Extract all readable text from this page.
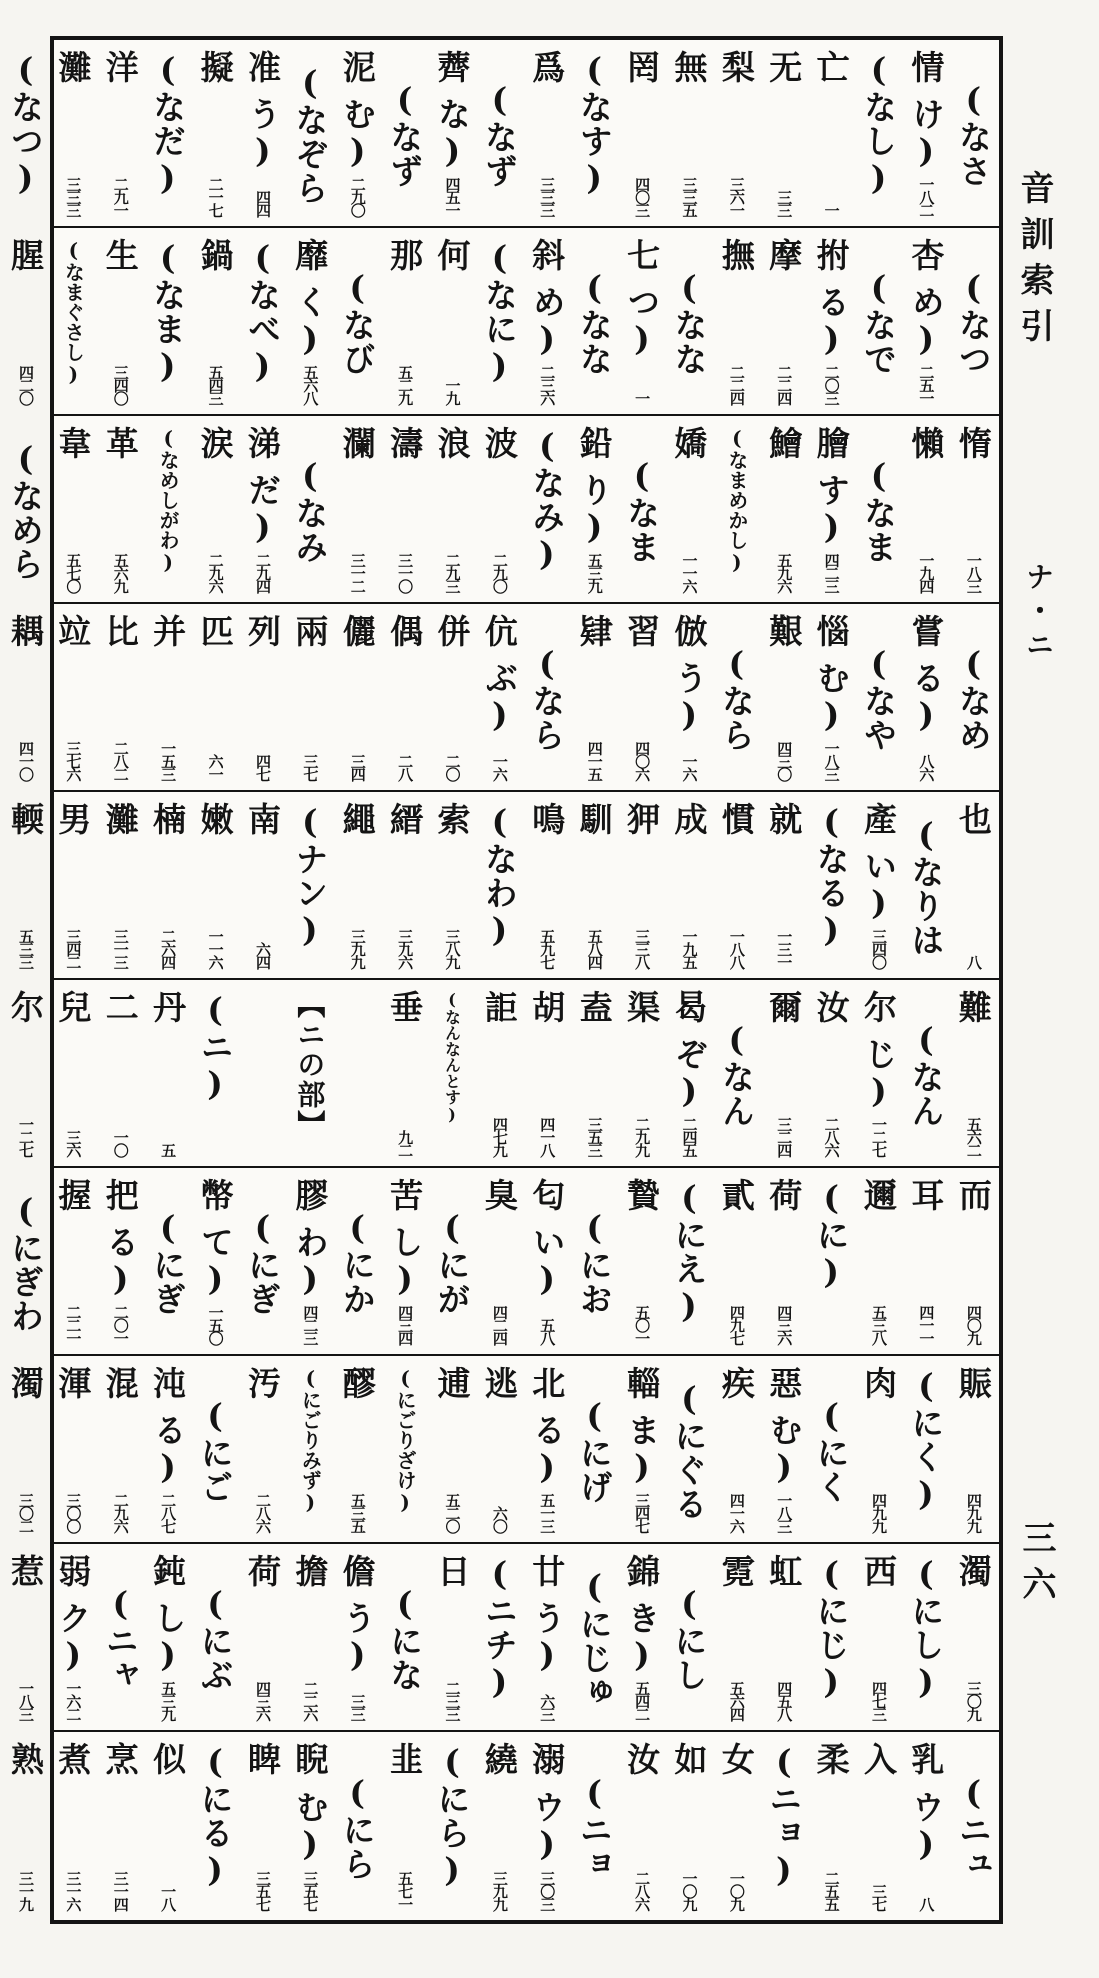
(なさけ)
情
一八二
(なし)
亡
一
无
三三
梨
三六一
無
三三五
罔
四〇三
(なす)
爲
三三三
(なずな)
薺
四五一
(なずむ)
泥
二九〇
(なぞらう)
准
四四
擬
二一七
(なだ)
洋
二九一
灘
三三三
(なつ)
(なつめ)
杏
二五一
(なでる)
拊
二〇三
摩
二二四
撫
二二四
(ななつ)
七
一
(ななめ)
斜
二三六
(なに)
何
一九
那
五二九
(なびく)
靡
五六八
(なべ)
鍋
五四三
(なま)
生
三四〇
(なまぐさし)
腥
四二〇
惰
一八三
懶
一九四
(なます)
膾
四二三
鱠
五九六
(なまめかし)
嬌
一一六
(なまり)
鉛
五三九
(なみ)
波
二九〇
浪
二九三
濤
三一〇
瀾
三一二
(なみだ)
涕
二九四
涙
二九六
(なめしがわ)
革
五六九
韋
五七〇
(なめら
(なめる)
嘗
八六
(なやむ)
惱
一八三
艱
四三〇
(ならう)
倣
一六
習
四〇六
肄
四一五
(ならぶ)
伉
一六
併
二〇
偶
二八
儷
三四
兩
三七
列
四七
匹
六一
并
一五三
比
二八二
竝
三七六
耦
四一〇
也
八
(なりはい)
產
三四〇
(なる)
就
一三一
慣
一八八
成
一九五
狎
三三八
馴
五八四
鳴
五九七
(なわ)
索
三八九
縉
三九六
繩
三九九
(ナン)
南
六四
嫩
一一六
楠
二六四
灘
三一三
男
三四二
輭
五三三
難
五六二
(なんじ)
尔
一二七
汝
二八六
爾
三二四
(なんぞ)
曷
二四五
渠
二九九
盍
三五三
胡
四一八
詎
四七九
(なんなんとす)
垂
九二
【ニの部】
(ニ)
丹
五
二
一〇
兒
三六
尔
一二七
而
四〇九
耳
四一一
邇
五三八
(に)
荷
四三六
貳
四九七
(にえ)
贄
五〇一
(におい)
匂
五八
臭
四二四
(にがし)
苦
四三四
(にかわ)
膠
四二三
(にぎて)
幣
一五〇
(にぎる)
把
二〇一
握
二二一
(にぎわ
賑
四九九
(にく)
肉
四九九
(にくむ)
惡
一八三
疾
四一六
(にぐるま)
輜
三四七
(にげる)
北
五一三
逃
六〇
逋
五二〇
(にごりざけ)
醪
五三五
(にごりみず)
汚
二八六
(にごる)
沌
二八七
混
二九六
渾
三〇〇
濁
三〇二
濁
三〇九
(にし)
西
四七三
(にじ)
虹
四五八
霓
五六四
(にしき)
錦
五四二
(にじゅう)
廿
六三
(ニチ)
日
二三三
(になう)
儋
三三
擔
二二六
荷
四三六
(にぶし)
鈍
五三九
(ニャク)
弱
一六二
惹
一八三
(ニュウ)
乳
八
入
三七
柔
二五五
(ニョ)
女
一〇九
如
一〇九
汝
二八六
(ニョウ)
溺
三〇三
繞
三九九
(にら)
韭
五七一
(にらむ)
睨
三五七
睥
三五七
(にる)
似
一八
烹
三一四
煮
三一六
熟
三一九
音訓索引
ナ・ニ
三六
